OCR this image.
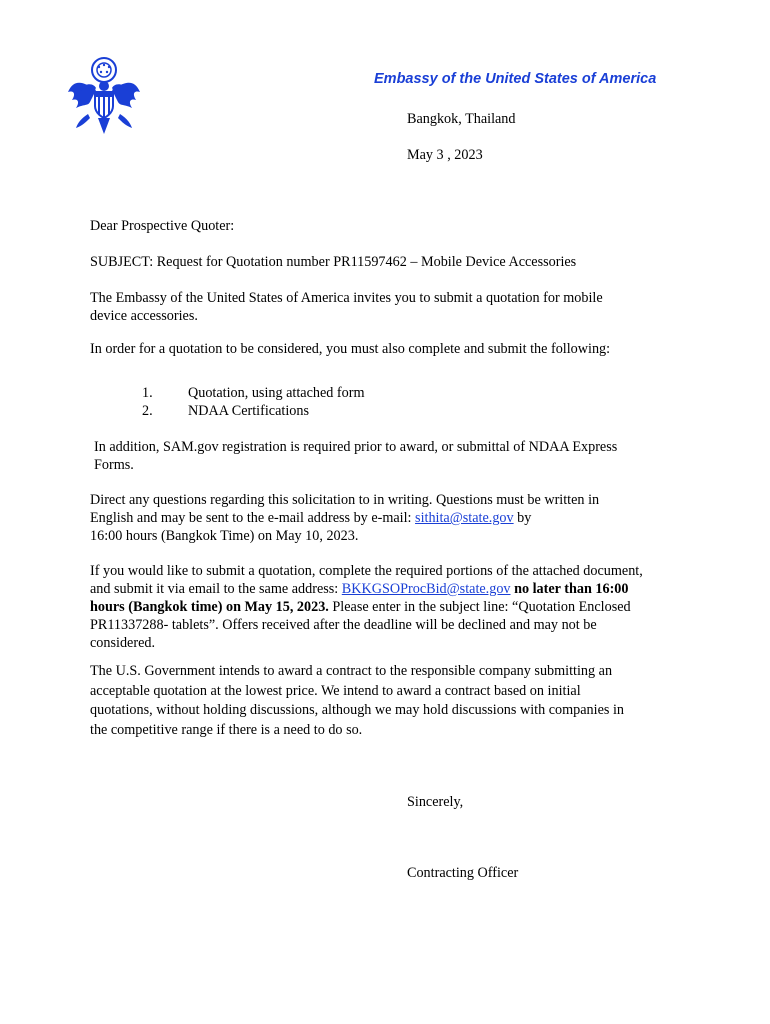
Embassy of the United States of America
Bangkok, Thailand
May 3 , 2023
Dear Prospective Quoter:
SUBJECT: Request for Quotation number PR11597462 – Mobile Device Accessories
The Embassy of the United States of America invites you to submit a quotation for mobile
device accessories.
In order for a quotation to be considered, you must also complete and submit the following:
1.	Quotation, using attached form
2.	NDAA Certifications
In addition, SAM.gov registration is required prior to award, or submittal of NDAA Express
Forms.
Direct any questions regarding this solicitation to in writing. Questions must be written in
English and may be sent to the e-mail address by e-mail: sithita@state.gov by
16:00 hours (Bangkok Time) on May 10, 2023.
If you would like to submit a quotation, complete the required portions of the attached document,
and submit it via email to the same address: BKKGSOProcBid@state.gov no later than 16:00
hours (Bangkok time) on May 15, 2023. Please enter in the subject line: “Quotation Enclosed
PR11337288- tablets”. Offers received after the deadline will be declined and may not be
considered.
The U.S. Government intends to award a contract to the responsible company submitting an
acceptable quotation at the lowest price. We intend to award a contract based on initial
quotations, without holding discussions, although we may hold discussions with companies in
the competitive range if there is a need to do so.
Sincerely,
Contracting Officer
